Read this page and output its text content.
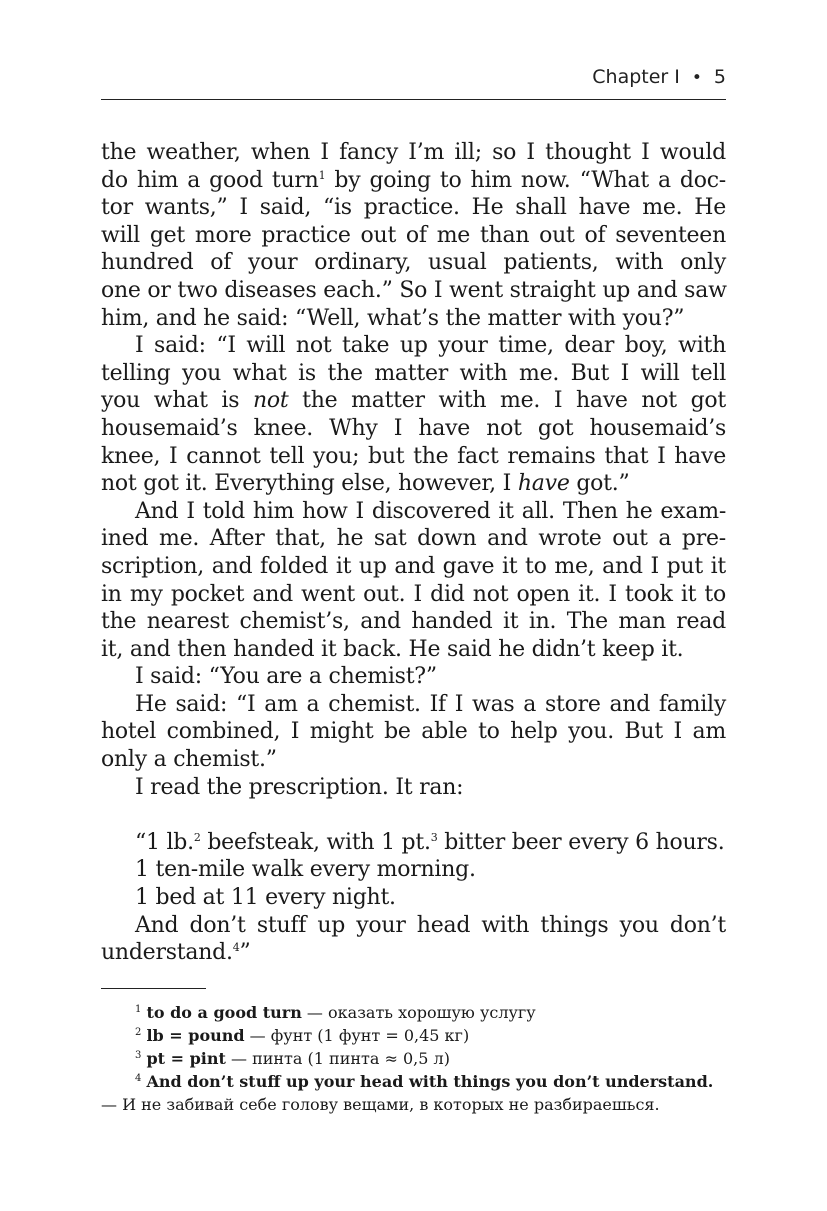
Chapter I • 5

the weather, when I fancy I’m ill; so I thought I would
do him a good turn$^1$ by going to him now. “What a doc-
tor wants,” I said, “is practice. He shall have me. He
will get more practice out of me than out of seventeen
hundred of your ordinary, usual patients, with only
one or two diseases each.” So I went straight up and saw
him, and he said: “Well, what’s the matter with you?”

I said: “I will not take up your time, dear boy, with
telling you what is the matter with me. But I will tell
you what is not the matter with me. I have not got
housemaid’s knee. Why I have not got housemaid’s
knee, I cannot tell you; but the fact remains that I have
not got it. Everything else, however, I have got.”

And I told him how I discovered it all. Then he exam-
ined me. After that, he sat down and wrote out a pre-
scription, and folded it up and gave it to me, and I put it
in my pocket and went out. I did not open it. I took it to
the nearest chemist’s, and handed it in. The man read
it, and then handed it back. He said he didn’t keep it.

I said: “You are a chemist?”

He said: “I am a chemist. If I was a store and family
hotel combined, I might be able to help you. But I am
only a chemist.”

I read the prescription. It ran:

“1 lb.$^2$ beefsteak, with 1 pt.$^3$ bitter beer every 6 hours.

1 ten-mile walk every morning.

1 bed at 11 every night.

And don’t stuff up your head with things you don’t
understand.$^4$”

$^1$ to do a good turn — оказать хорошую услугу

$^2$ lb = pound — фунт (1 фунт = 0,45 кг)

$^3$ pt = pint — пинта (1 пинта ≈ 0,5 л)

$^4$ And don’t stuff up your head with things you don’t understand. — И не забивай себе голову вещами, в которых не разбираешься.
